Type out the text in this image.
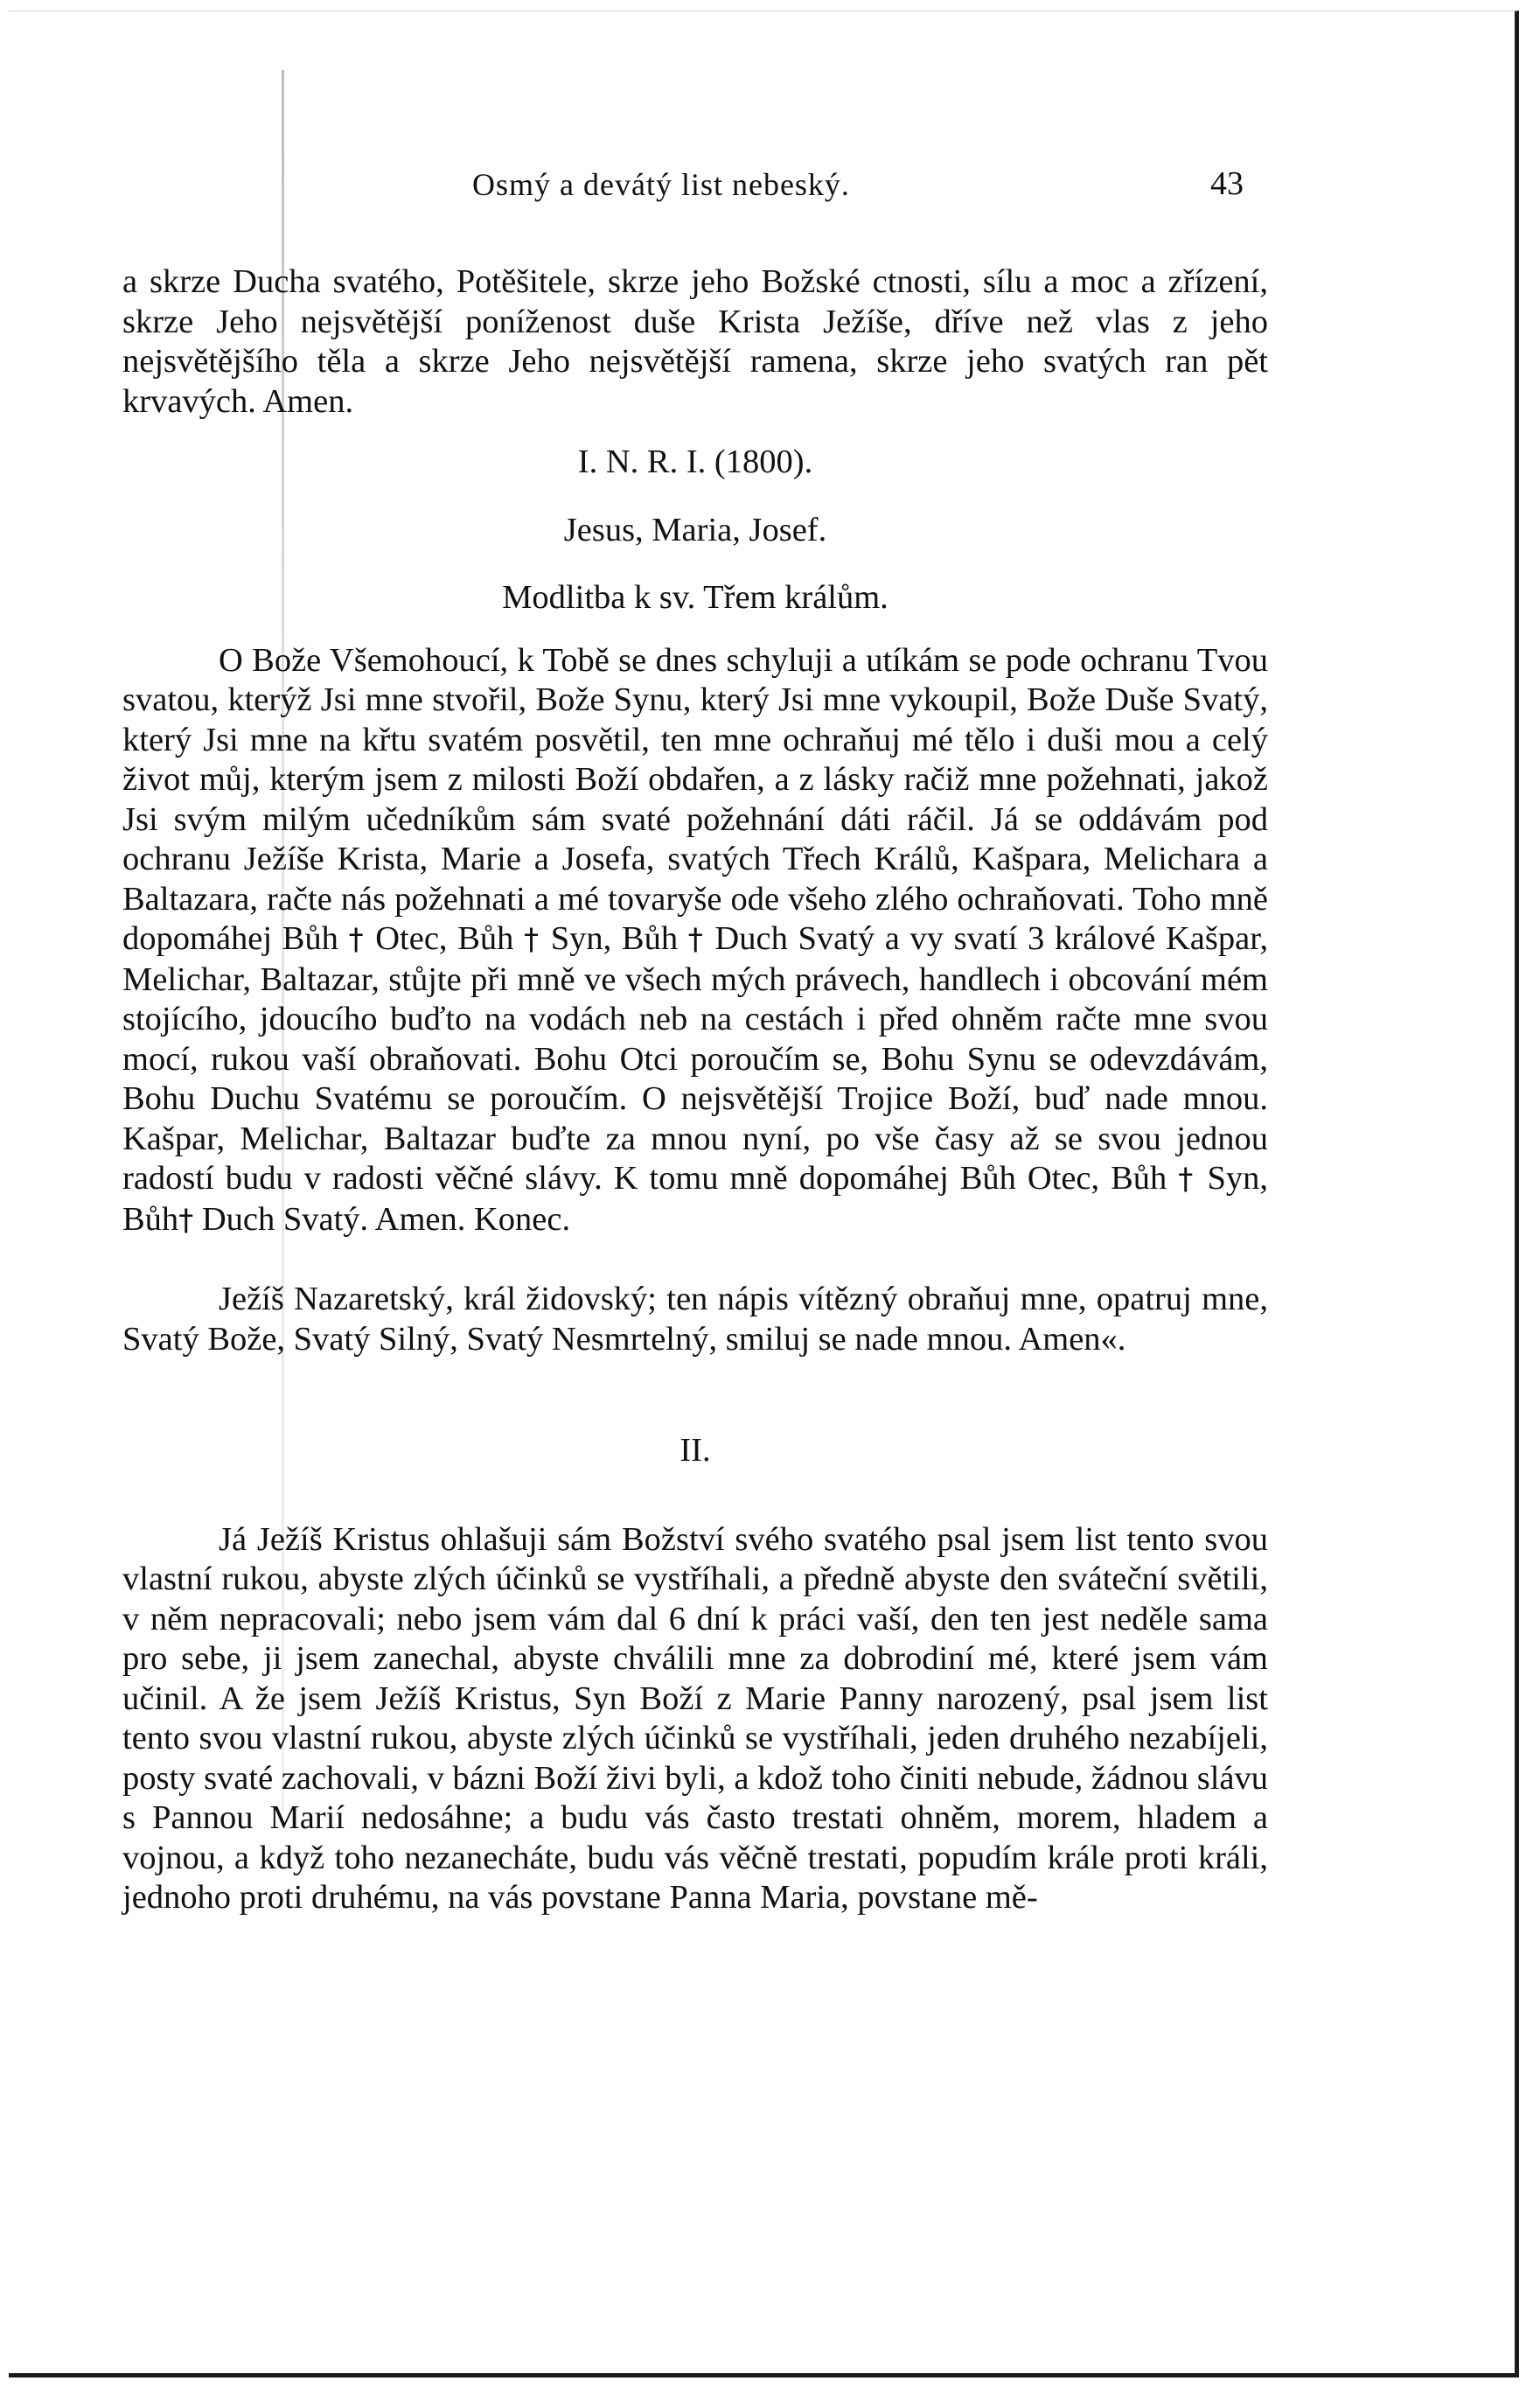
Osmý a devátý list nebeský.	43

a skrze Ducha svatého, Potěšitele, skrze jeho Božské ctnosti, sílu a moc a zřízení, skrze Jeho nejsvětější poníženost duše Krista Ježíše, dříve než vlas z jeho nejsvětějšího těla a skrze Jeho nejsvětější ramena, skrze jeho svatých ran pět krvavých. Amen.

I. N. R. I. (1800).

Jesus, Maria, Josef.

Modlitba k sv. Třem králům.

O Bože Všemohoucí, k Tobě se dnes schyluji a utíkám se pode ochranu Tvou svatou, kterýž Jsi mne stvořil, Bože Synu, který Jsi mne vykoupil, Bože Duše Svatý, který Jsi mne na křtu svatém posvětil, ten mne ochraňuj mé tělo i duši mou a celý život můj, kterým jsem z milosti Boží obdařen, a z lásky račiž mne požehnati, jakož Jsi svým milým učedníkům sám svaté požehnání dáti ráčil. Já se oddávám pod ochranu Ježíše Krista, Marie a Josefa, svatých Třech Králů, Kašpara, Melichara a Baltazara, račte nás požehnati a mé tovaryše ode všeho zlého ochraňovati. Toho mně dopomáhej Bůh † Otec, Bůh † Syn, Bůh † Duch Svatý a vy svatí 3 králové Kašpar, Melichar, Baltazar, stůjte při mně ve všech mých právech, handlech i obcování mém stojícího, jdoucího buďto na vodách neb na cestách i před ohněm račte mne svou mocí, rukou vaší obraňovati. Bohu Otci poroučím se, Bohu Synu se odevzdávám, Bohu Duchu Svatému se poroučím. O nejsvětější Trojice Boží, buď nade mnou. Kašpar, Melichar, Baltazar buďte za mnou nyní, po vše časy až se svou jednou radostí budu v radosti věčné slávy. K tomu mně dopomáhej Bůh Otec, Bůh † Syn, Bůh† Duch Svatý. Amen. Konec.

Ježíš Nazaretský, král židovský; ten nápis vítězný obraňuj mne, opatruj mne, Svatý Bože, Svatý Silný, Svatý Nesmrtelný, smiluj se nade mnou. Amen«.

II.

Já Ježíš Kristus ohlašuji sám Božství svého svatého psal jsem list tento svou vlastní rukou, abyste zlých účinků se vystříhali, a předně abyste den sváteční světili, v něm nepracovali; nebo jsem vám dal 6 dní k práci vaší, den ten jest neděle sama pro sebe, ji jsem zanechal, abyste chválili mne za dobrodiní mé, které jsem vám učinil. A že jsem Ježíš Kristus, Syn Boží z Marie Panny narozený, psal jsem list tento svou vlastní rukou, abyste zlých účinků se vystříhali, jeden druhého nezabíjeli, posty svaté zachovali, v bázni Boží živi byli, a kdož toho činiti nebude, žádnou slávu s Pannou Marií nedosáhne; a budu vás často trestati ohněm, morem, hladem a vojnou, a když toho nezanecháte, budu vás věčně trestati, popudím krále proti králi, jednoho proti druhému, na vás povstane Panna Maria, povstane mě-
